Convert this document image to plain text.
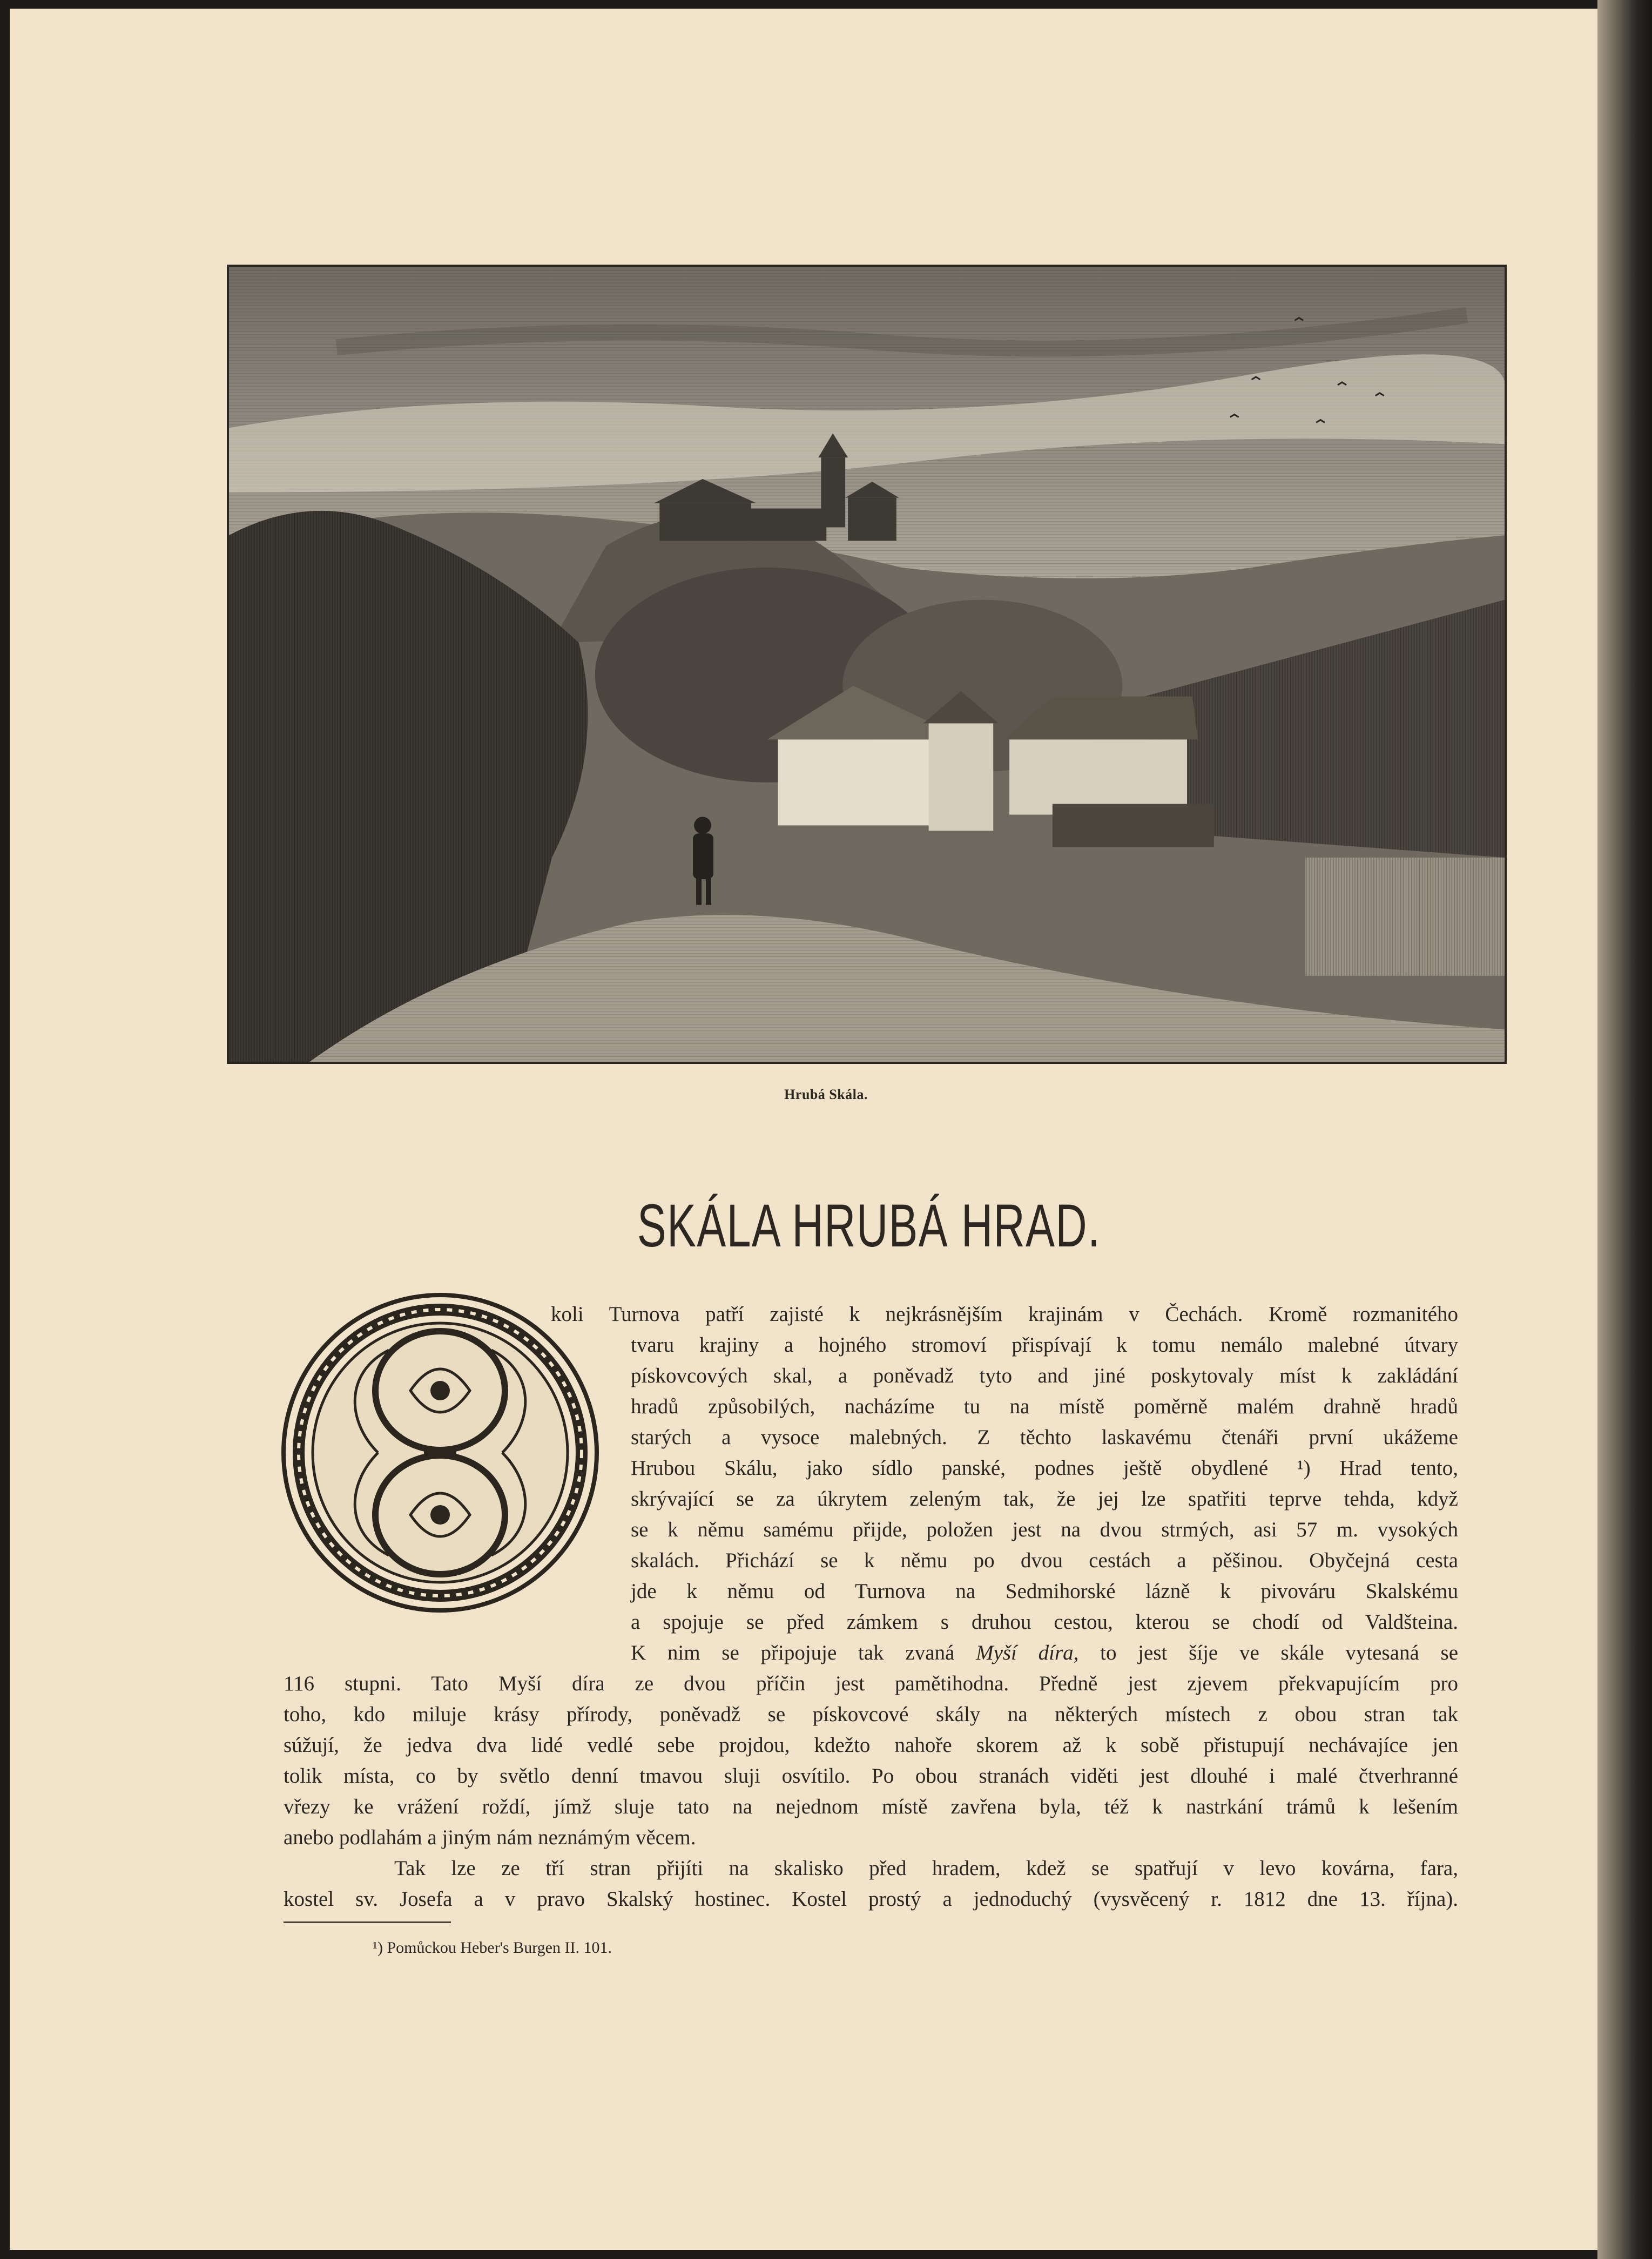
Hrubá Skála.
SKÁLA HRUBÁ HRAD.
koli Turnova patří zajisté k nejkrásnějším krajinám v Čechách. Kromě rozmanitého
tvaru krajiny a hojného stromoví přispívají k tomu nemálo malebné útvary
pískovcových skal, a poněvadž tyto and jiné poskytovaly míst k zakládání
hradů způsobilých, nacházíme tu na místě poměrně malém drahně hradů
starých a vysoce malebných. Z těchto laskavému čtenáři první ukážeme
Hrubou Skálu, jako sídlo panské, podnes ještě obydlené ¹) Hrad tento,
skrývající se za úkrytem zeleným tak, že jej lze spatřiti teprve tehda, když
se k němu samému přijde, položen jest na dvou strmých, asi 57 m. vysokých
skalách. Přichází se k němu po dvou cestách a pěšinou. Obyčejná cesta
jde k němu od Turnova na Sedmihorské lázně k pivováru Skalskému
a spojuje se před zámkem s druhou cestou, kterou se chodí od Valdšteina.
K nim se připojuje tak zvaná Myší díra, to jest šíje ve skále vytesaná se
116 stupni. Tato Myší díra ze dvou příčin jest pamětihodna. Předně jest zjevem překvapujícím pro
toho, kdo miluje krásy přírody, poněvadž se pískovcové skály na některých místech z obou stran tak
súžují, že jedva dva lidé vedlé sebe projdou, kdežto nahoře skorem až k sobě přistupují nechávajíce jen
tolik místa, co by světlo denní tmavou sluji osvítilo. Po obou stranách viděti jest dlouhé i malé čtverhranné
vřezy ke vrážení roždí, jímž sluje tato na nejednom místě zavřena byla, též k nastrkání trámů k lešením
anebo podlahám a jiným nám neznámým věcem.
Tak lze ze tří stran přijíti na skalisko před hradem, kdež se spatřují v levo kovárna, fara,
kostel sv. Josefa a v pravo Skalský hostinec. Kostel prostý a jednoduchý (vysvěcený r. 1812 dne 13. října).
¹) Pomůckou Heber's Burgen II. 101.
